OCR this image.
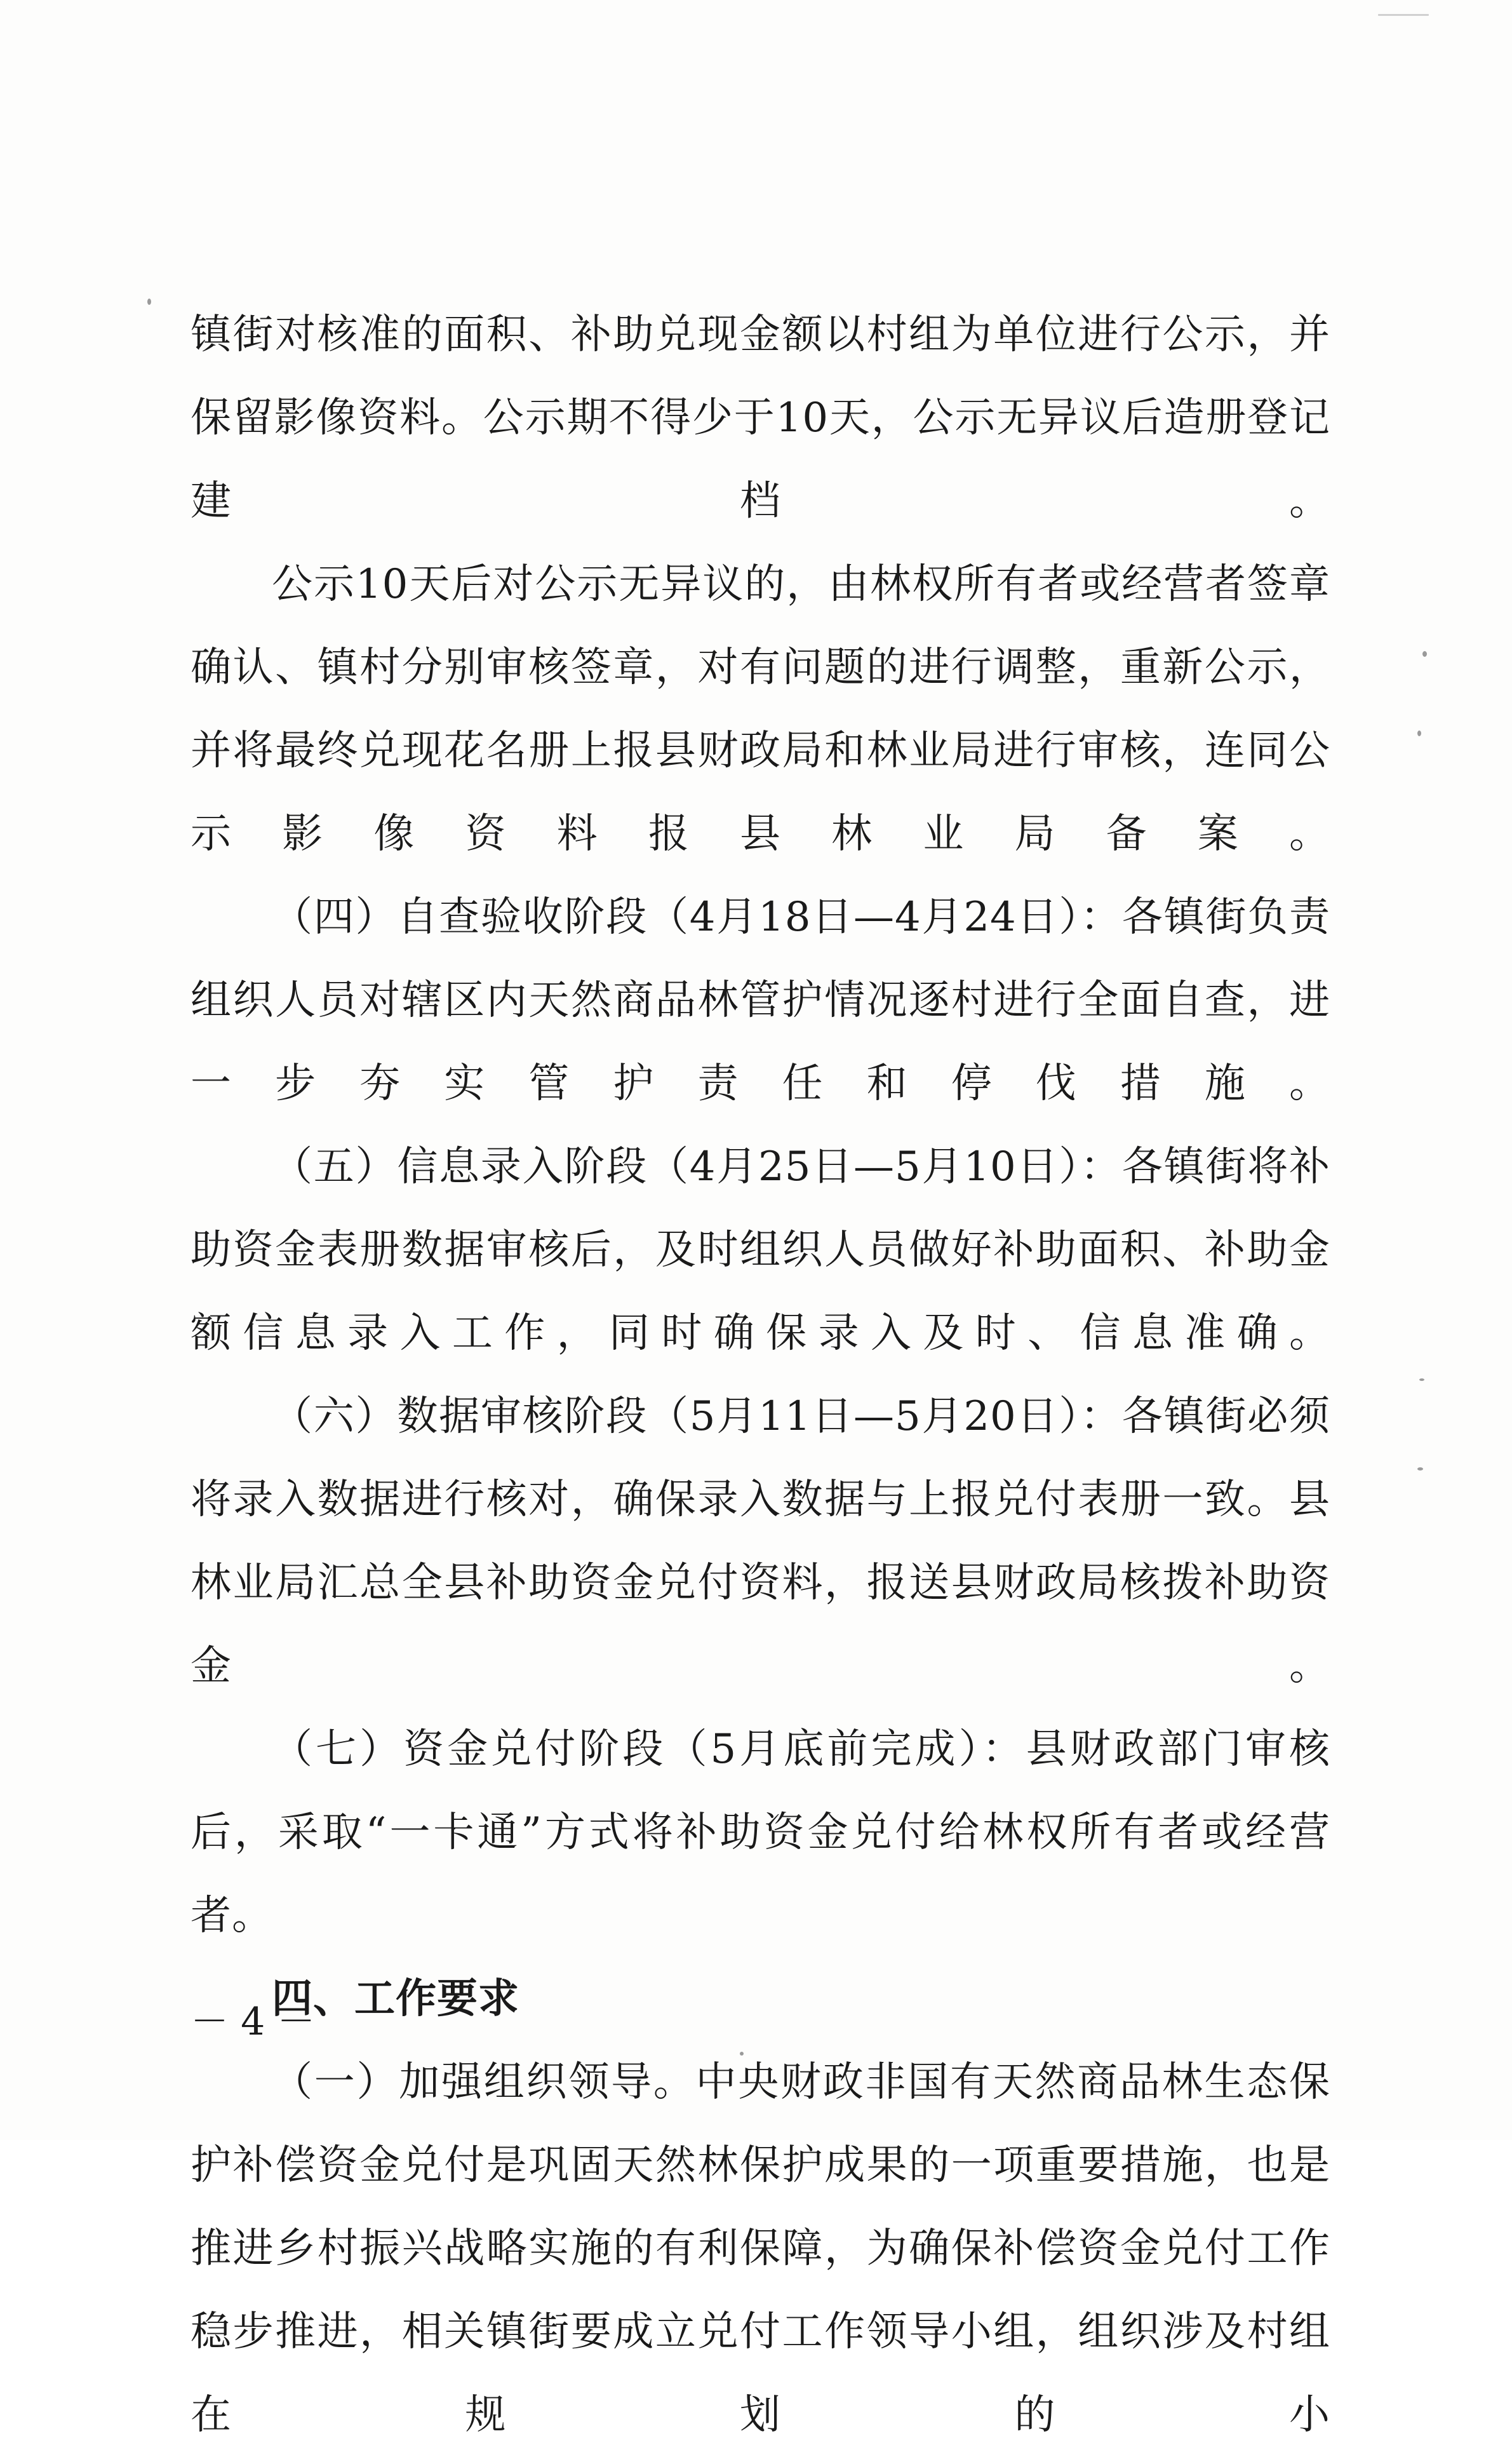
镇街对核准的面积、补助兑现金额以村组为单位进行公示，并保留影像资料。公示期不得少于10天，公示无异议后造册登记建档。

公示10天后对公示无异议的，由林权所有者或经营者签章确认、镇村分别审核签章，对有问题的进行调整，重新公示，并将最终兑现花名册上报县财政局和林业局进行审核，连同公示影像资料报县林业局备案。

（四）自查验收阶段（4月18日—4月24日）：各镇街负责组织人员对辖区内天然商品林管护情况逐村进行全面自查，进一步夯实管护责任和停伐措施。

（五）信息录入阶段（4月25日—5月10日）：各镇街将补助资金表册数据审核后，及时组织人员做好补助面积、补助金额信息录入工作，同时确保录入及时、信息准确。

（六）数据审核阶段（5月11日—5月20日）：各镇街必须将录入数据进行核对，确保录入数据与上报兑付表册一致。县林业局汇总全县补助资金兑付资料，报送县财政局核拨补助资金。

（七）资金兑付阶段（5月底前完成）：县财政部门审核后，采取“一卡通”方式将补助资金兑付给林权所有者或经营者。

四、工作要求

（一）加强组织领导。中央财政非国有天然商品林生态保护补偿资金兑付是巩固天然林保护成果的一项重要措施，也是推进乡村振兴战略实施的有利保障，为确保补偿资金兑付工作稳步推进，相关镇街要成立兑付工作领导小组，组织涉及村组在规划的小

－ 4 －
